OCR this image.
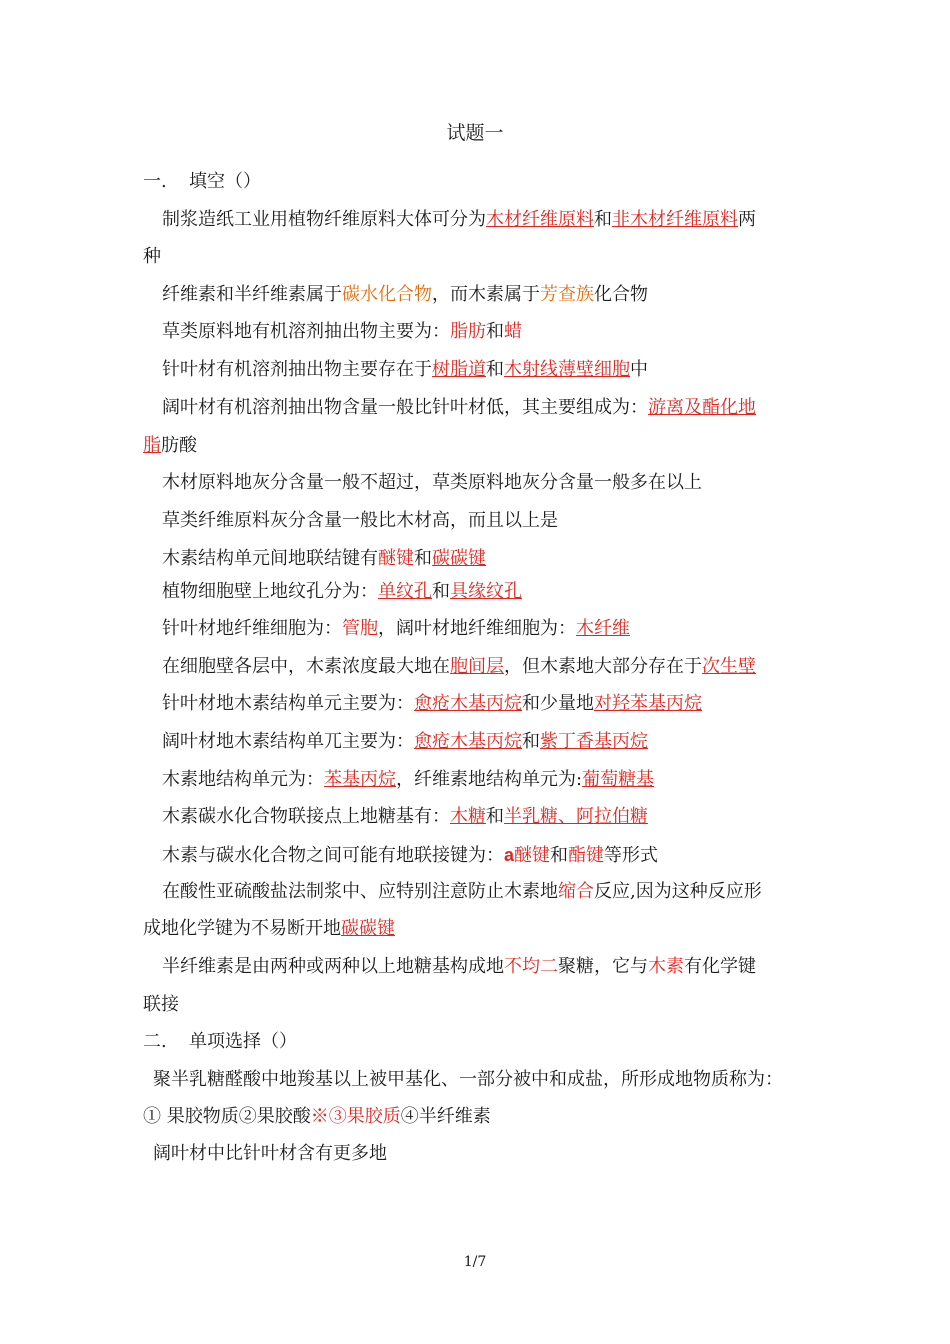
试题一
一. 填空（）
制浆造纸工业用植物纤维原料大体可分为木材纤维原料和非木材纤维原料两
种
纤维素和半纤维素属于碳水化合物，而木素属于芳查族化合物
草类原料地有机溶剂抽出物主要为：脂肪和蜡
针叶材有机溶剂抽出物主要存在于树脂道和木射线薄壁细胞中
阔叶材有机溶剂抽出物含量一般比针叶材低，其主要组成为：游离及酯化地
脂肪酸
木材原料地灰分含量一般不超过，草类原料地灰分含量一般多在以上
草类纤维原料灰分含量一般比木材高，而且以上是
木素结构单元间地联结键有醚键和碳碳键
植物细胞壁上地纹孔分为：单纹孔和具缘纹孔
针叶材地纤维细胞为：管胞，阔叶材地纤维细胞为：木纤维
在细胞壁各层中，木素浓度最大地在胞间层，但木素地大部分存在于次生壁
针叶材地木素结构单元主要为：愈疮木基丙烷和少量地对羟苯基丙烷
阔叶材地木素结构单兀主要为：愈疮木基丙烷和紫丁香基丙烷
木素地结构单元为：苯基丙烷，纤维素地结构单元为:葡萄糖基
木素碳水化合物联接点上地糖基有：木糖和半乳糖、阿拉伯糖
木素与碳水化合物之间可能有地联接键为：a醚键和酯键等形式
在酸性亚硫酸盐法制浆中、应特别注意防止木素地缩合反应,因为这种反应形
成地化学键为不易断开地碳碳键
半纤维素是由两种或两种以上地糖基构成地不均二聚糖，它与木素有化学键
联接
二. 单项选择（）
聚半乳糖醛酸中地羧基以上被甲基化、一部分被中和成盐，所形成地物质称为：
① 果胶物质②果胶酸※③果胶质④半纤维素
阔叶材中比针叶材含有更多地
1/7
